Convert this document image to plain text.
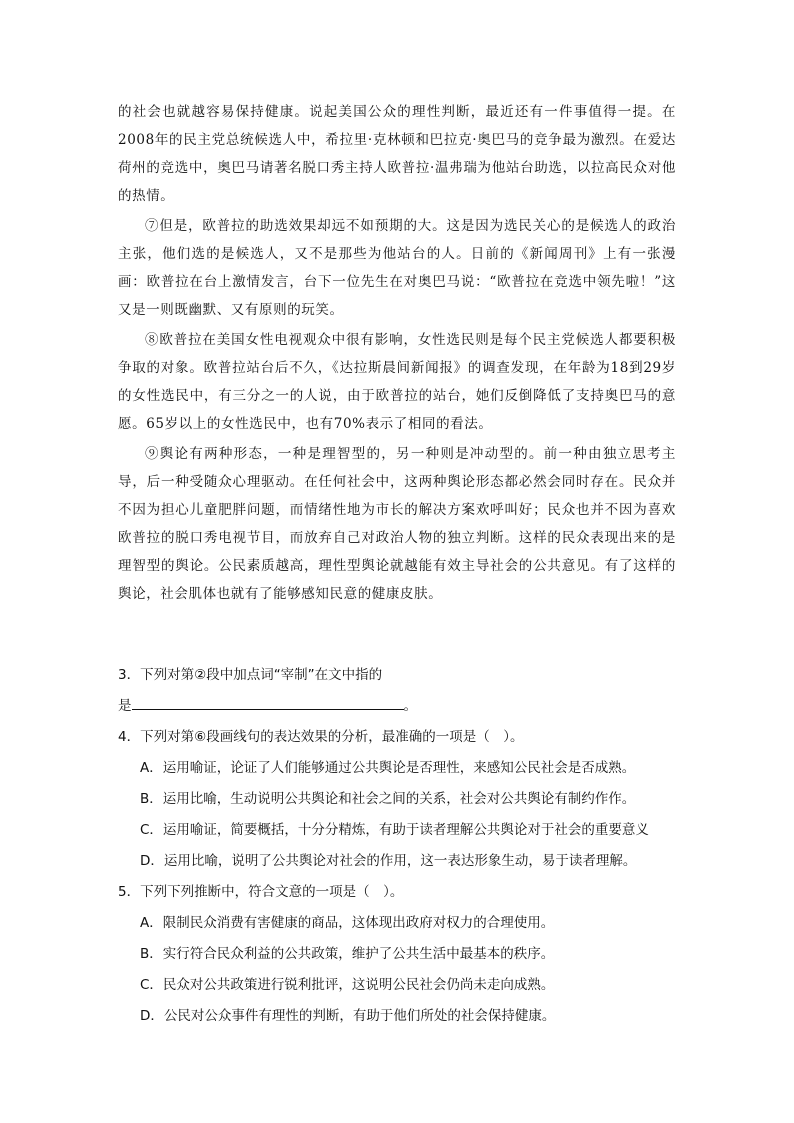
的社会也就越容易保持健康。说起美国公众的理性判断，最近还有一件事值得一提。在2008年的民主党总统候选人中，希拉里·克林顿和巴拉克·奥巴马的竞争最为激烈。在爱达荷州的竞选中，奥巴马请著名脱口秀主持人欧普拉·温弗瑞为他站台助选，以拉高民众对他的热情。

⑦但是，欧普拉的助选效果却远不如预期的大。这是因为选民关心的是候选人的政治主张，他们选的是候选人，又不是那些为他站台的人。日前的《新闻周刊》上有一张漫画：欧普拉在台上激情发言，台下一位先生在对奥巴马说：“欧普拉在竞选中领先啦！”这又是一则既幽默、又有原则的玩笑。

⑧欧普拉在美国女性电视观众中很有影响，女性选民则是每个民主党候选人都要积极争取的对象。欧普拉站台后不久，《达拉斯晨间新闻报》的调查发现，在年龄为18到29岁的女性选民中，有三分之一的人说，由于欧普拉的站台，她们反倒降低了支持奥巴马的意愿。65岁以上的女性选民中，也有70%表示了相同的看法。

⑨舆论有两种形态，一种是理智型的，另一种则是冲动型的。前一种由独立思考主导，后一种受随众心理驱动。在任何社会中，这两种舆论形态都必然会同时存在。民众并不因为担心儿童肥胖问题，而情绪性地为市长的解决方案欢呼叫好；民众也并不因为喜欢欧普拉的脱口秀电视节目，而放弃自己对政治人物的独立判断。这样的民众表现出来的是理智型的舆论。公民素质越高，理性型舆论就越能有效主导社会的公共意见。有了这样的舆论，社会肌体也就有了能够感知民意的健康皮肤。

3．下列对第②段中加点词“宰制”在文中指的

是	。

4．下列对第⑥段画线句的表达效果的分析，最准确的一项是（　）。

A．运用喻证，论证了人们能够通过公共舆论是否理性，来感知公民社会是否成熟。

B．运用比喻，生动说明公共舆论和社会之间的关系，社会对公共舆论有制约作作。

C．运用喻证，简要概括，十分分精炼，有助于读者理解公共舆论对于社会的重要意义

D．运用比喻，说明了公共舆论对社会的作用，这一表达形象生动，易于读者理解。

5．下列下列推断中，符合文意的一项是（　）。

A．限制民众消费有害健康的商品，这体现出政府对权力的合理使用。

B．实行符合民众利益的公共政策，维护了公共生活中最基本的秩序。

C．民众对公共政策进行锐利批评，这说明公民社会仍尚未走向成熟。

D．公民对公众事件有理性的判断，有助于他们所处的社会保持健康。
